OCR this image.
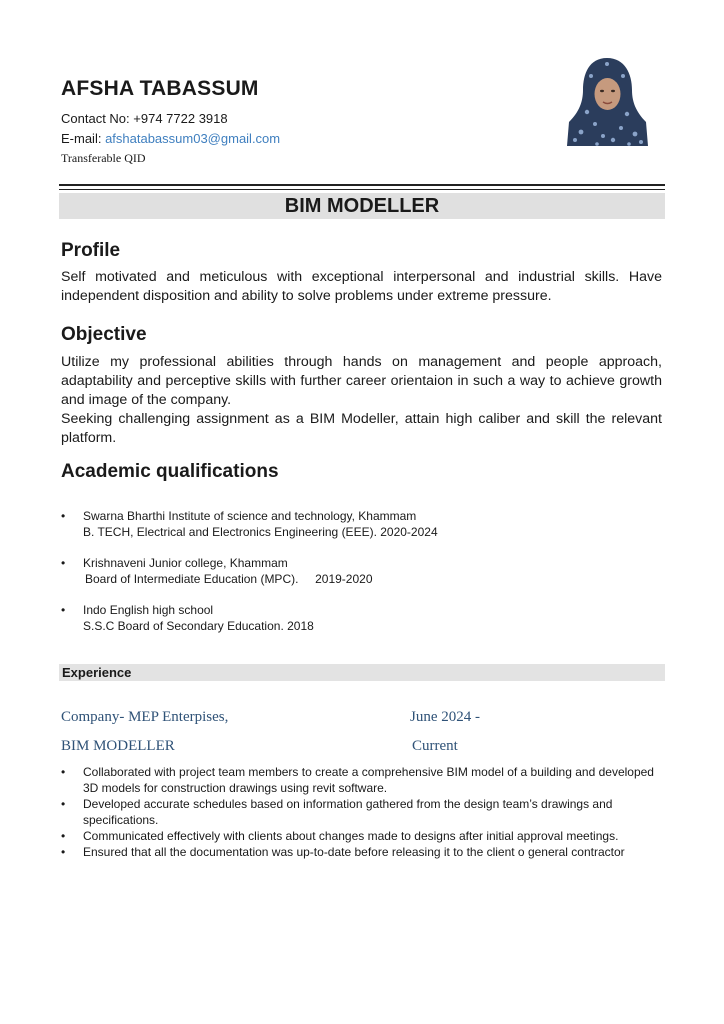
AFSHA TABASSUM
Contact No: +974 7722 3918
E-mail: afshatabassum03@gmail.com
Transferable QID
BIM MODELLER
Profile

Self motivated and meticulous with exceptional interpersonal and industrial skills. Have independent disposition and ability to solve problems under extreme pressure.

Objective

Utilize my professional abilities through hands on management and people approach, adaptability and perceptive skills with further career orientaion in such a way to achieve growth and image of the company.

Seeking challenging assignment as a BIM Modeller, attain high caliber and skill the relevant platform.

Academic qualifications
• Swarna Bharthi Institute of science and technology, Khammam
B. TECH, Electrical and Electronics Engineering (EEE). 2020-2024
• Krishnaveni Junior college, Khammam
Board of Intermediate Education (MPC).     2019-2020
• Indo English high school
S.S.C Board of Secondary Education. 2018
Experience
Company- MEP Enterpises,	June 2024 -
BIM MODELLER	Current
• Collaborated with project team members to create a comprehensive BIM model of a building and developed 3D models for construction drawings using revit software.
• Developed accurate schedules based on information gathered from the design team’s drawings and specifications.
• Communicated effectively with clients about changes made to designs after initial approval meetings.
• Ensured that all the documentation was up-to-date before releasing it to the client o general contractor
